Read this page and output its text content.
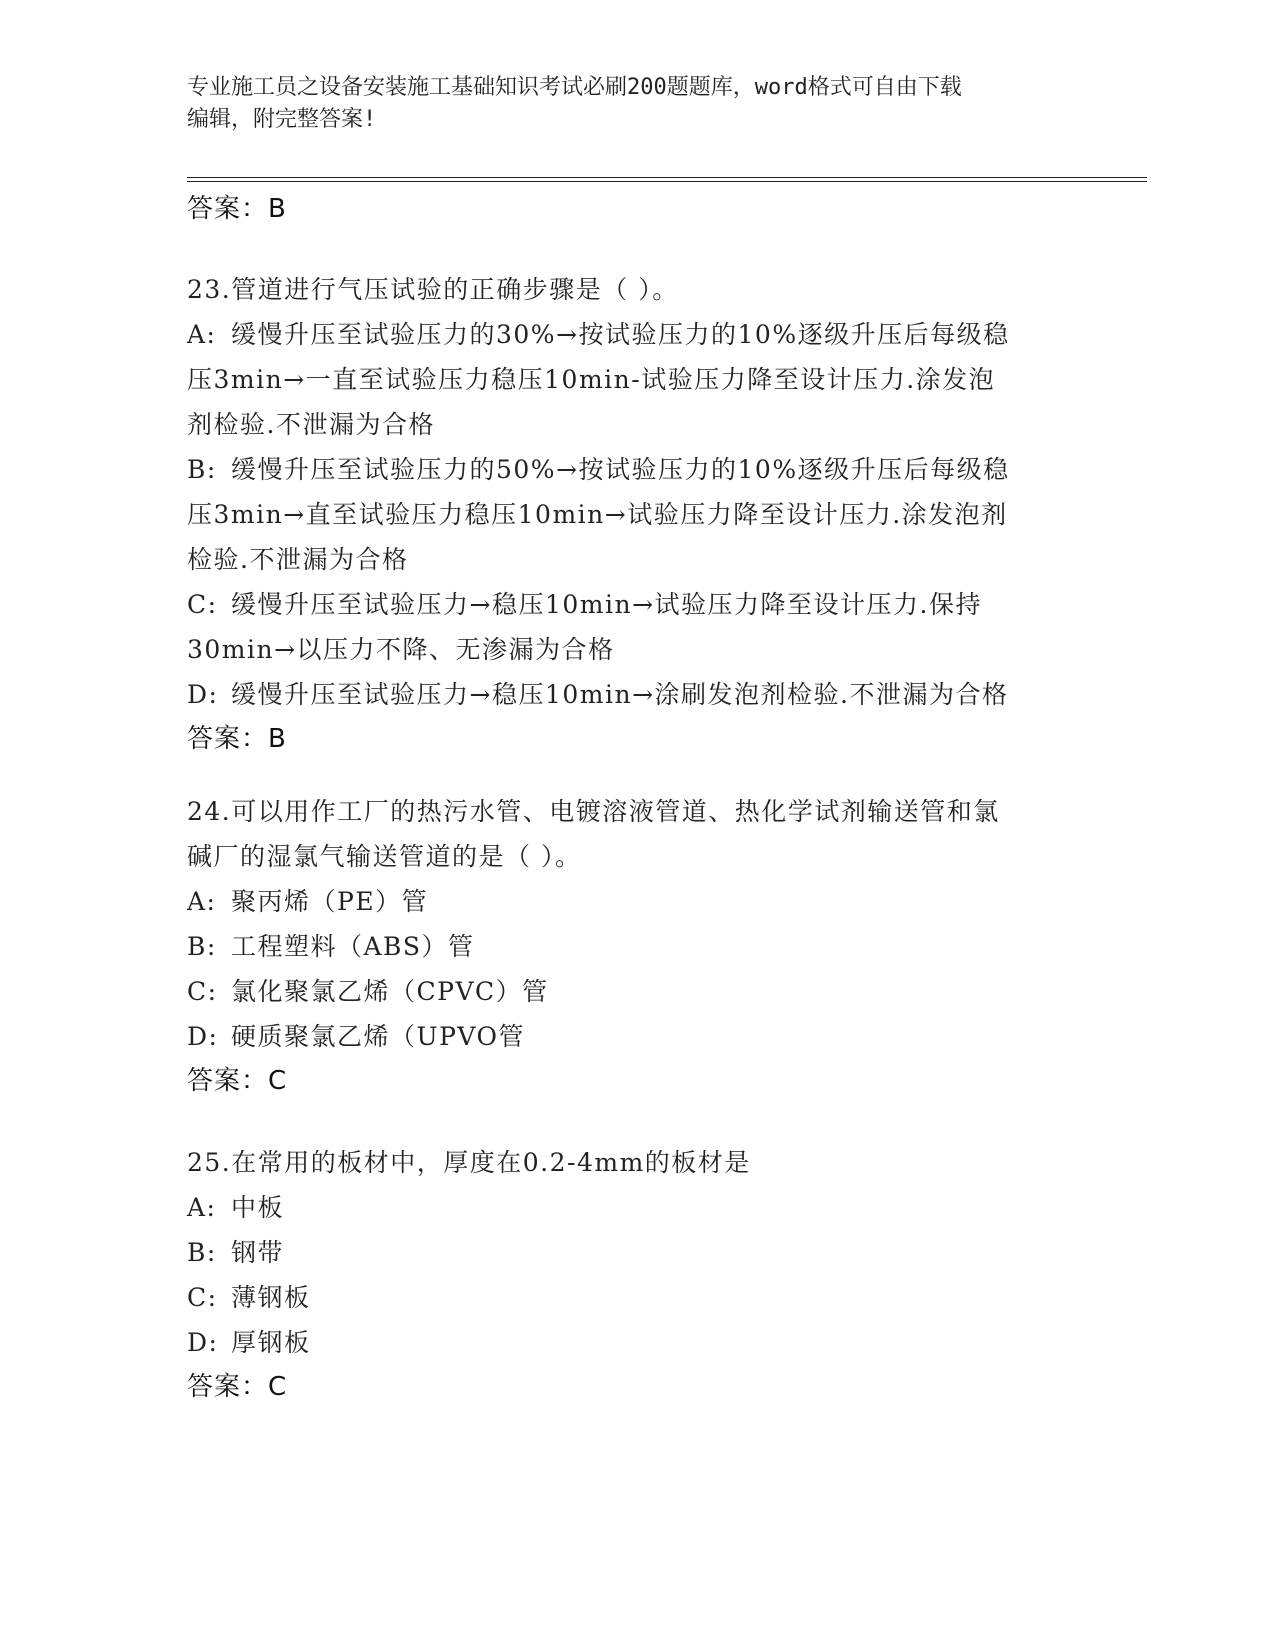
专业施工员之设备安装施工基础知识考试必刷200题题库，word格式可自由下载
编辑，附完整答案!
答案：B
23.管道进行气压试验的正确步骤是（ ）。
A: 缓慢升压至试验压力的30%→按试验压力的10%逐级升压后每级稳
压3min→一直至试验压力稳压10min-试验压力降至设计压力.涂发泡
剂检验.不泄漏为合格
B: 缓慢升压至试验压力的50%→按试验压力的10%逐级升压后每级稳
压3min→直至试验压力稳压10min→试验压力降至设计压力.涂发泡剂
检验.不泄漏为合格
C: 缓慢升压至试验压力→稳压10min→试验压力降至设计压力.保持
30min→以压力不降、无渗漏为合格
D: 缓慢升压至试验压力→稳压10min→涂刷发泡剂检验.不泄漏为合格
答案：B
24.可以用作工厂的热污水管、电镀溶液管道、热化学试剂输送管和氯
碱厂的湿氯气输送管道的是（ ）。
A: 聚丙烯（PE）管
B: 工程塑料（ABS）管
C: 氯化聚氯乙烯（CPVC）管
D: 硬质聚氯乙烯（UPVO管
答案：C
25.在常用的板材中，厚度在0.2-4mm的板材是
A: 中板
B: 钢带
C: 薄钢板
D: 厚钢板
答案：C
